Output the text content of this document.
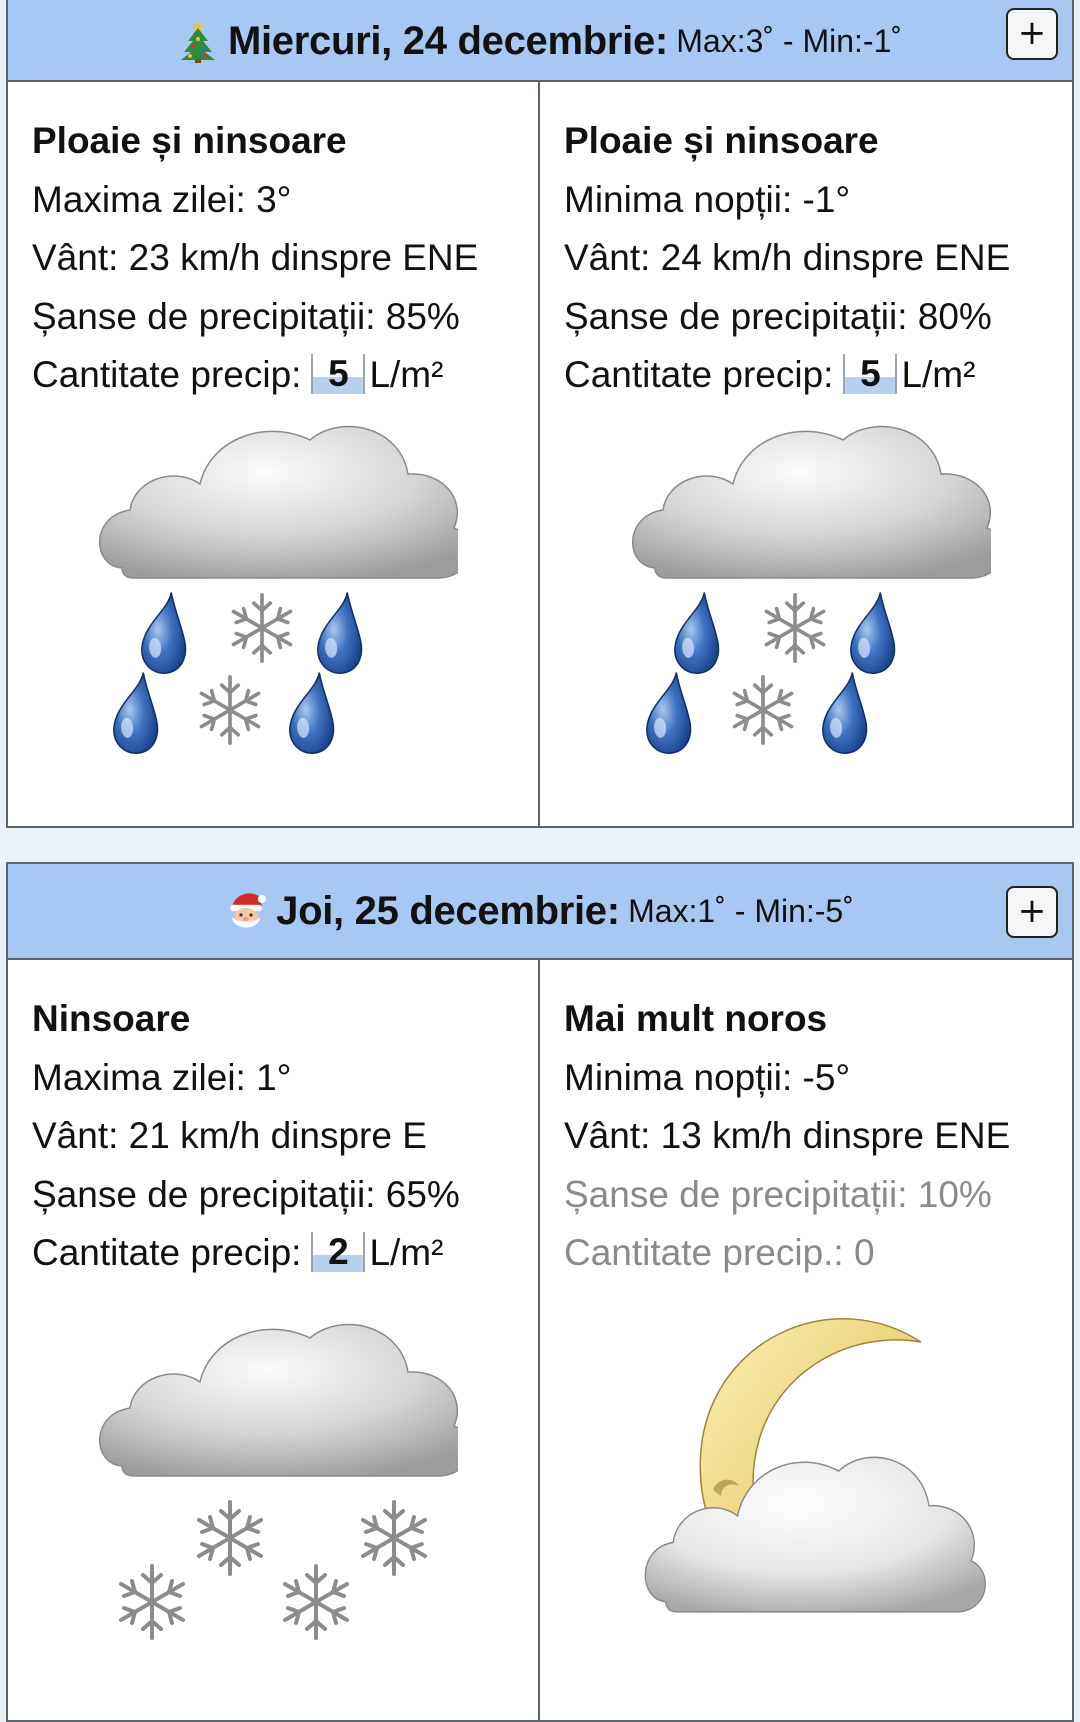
Miercuri, 24 decembrie : Max:3˚ - Min:-1˚	+
Ploaie și ninsoare
Maxima zilei: 3°
Vânt: 23 km/h dinspre ENE
Șanse de precipitații: 85%
Cantitate precip: 5 L/m²
Ploaie și ninsoare
Minima nopții: -1°
Vânt: 24 km/h dinspre ENE
Șanse de precipitații: 80%
Cantitate precip: 5 L/m²
Joi, 25 decembrie : Max:1˚ - Min:-5˚	+
Ninsoare
Maxima zilei: 1°
Vânt: 21 km/h dinspre E
Șanse de precipitații: 65%
Cantitate precip: 2 L/m²
Mai mult noros
Minima nopții: -5°
Vânt: 13 km/h dinspre ENE
Șanse de precipitații: 10%
Cantitate precip.: 0
